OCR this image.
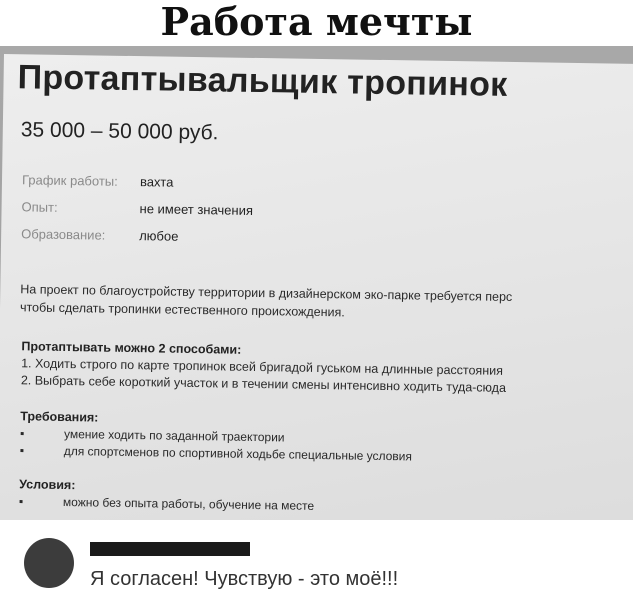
Работа мечты
Протаптывальщик тропинок
35 000 – 50 000 руб.
График работы: вахта
Опыт:	не имеет значения
Образование:	любое
На проект по благоустройству территории в дизайнерском эко-парке требуется перс
чтобы сделать тропинки естественного происхождения.
Протаптывать можно 2 способами:
1. Ходить строго по карте тропинок всей бригадой гуськом на длинные расстояния
2. Выбрать себе короткий участок и в течении смены интенсивно ходить туда-сюда
Требования:
▪	умение ходить по заданной траектории
▪	для спортсменов по спортивной ходьбе специальные условия
Условия:
▪	можно без опыта работы, обучение на месте
Я согласен! Чувствую - это моё!!!
